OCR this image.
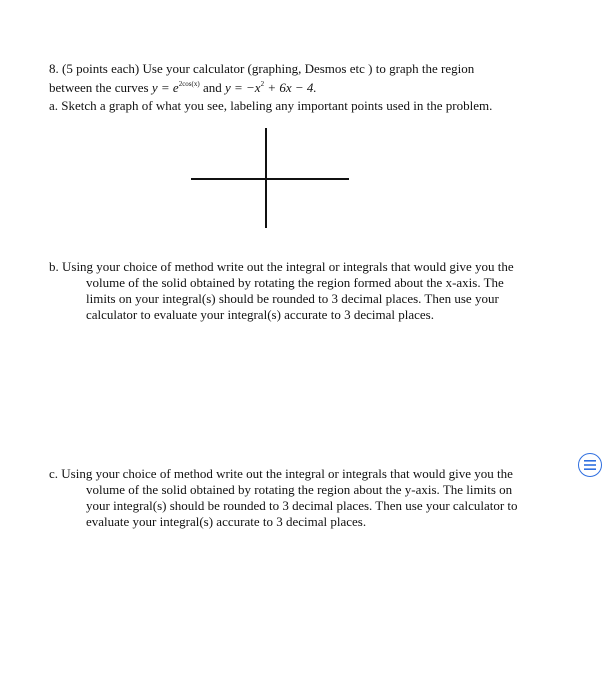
8. (5 points each) Use your calculator (graphing, Desmos etc ) to graph the region
between the curves $y = e^{2cos(x)}$ and $y = -x^2 + 6x - 4$.
a. Sketch a graph of what you see, labeling any important points used in the problem.
b. Using your choice of method write out the integral or integrals that would give you the
volume of the solid obtained by rotating the region formed about the x-axis. The
limits on your integral(s) should be rounded to 3 decimal places. Then use your
calculator to evaluate your integral(s) accurate to 3 decimal places.
c. Using your choice of method write out the integral or integrals that would give you the
volume of the solid obtained by rotating the region about the y-axis. The limits on
your integral(s) should be rounded to 3 decimal places. Then use your calculator to
evaluate your integral(s) accurate to 3 decimal places.
